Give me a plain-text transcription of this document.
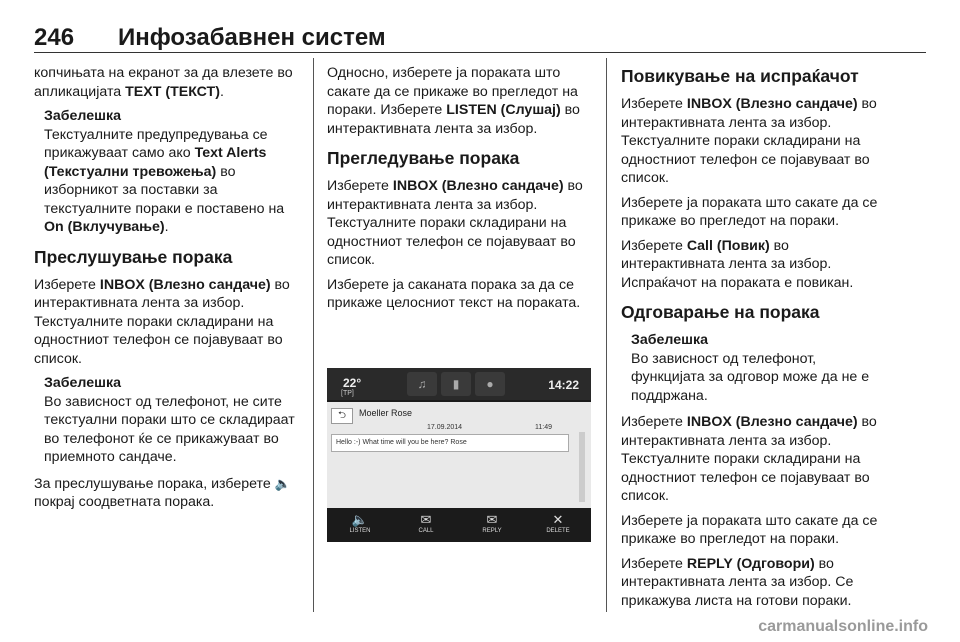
246	Инфозабавнен систем

копчињата на екранот за да влезете во апликацијата TEXT (ТЕКСТ).

Забелешка
Текстуалните предупредувања се прикажуваат само ако Text Alerts (Текстуални тревожења) во изборникот за поставки за текстуалните пораки е поставено на On (Вклучување).
Преслушување порака

Изберете INBOX (Влезно сандаче) во интерактивната лента за избор. Текстуалните пораки складирани на одностниот телефон се појавуваат во список.

Забелешка
Во зависност од телефонот, не сите текстуални пораки што се складираат во телефонот ќе се прикажуваат во приемното сандаче.

За преслушување порака, изберете 🔈 покрај соодветната порака.

Односно, изберете ја пораката што сакате да се прикаже во прегледот на пораки. Изберете LISTEN (Слушај) во интерактивната лента за избор.

Прегледување порака

Изберете INBOX (Влезно сандаче) во интерактивната лента за избор. Текстуалните пораки складирани на одностниот телефон се појавуваат во список.

Изберете ја саканата порака за да се прикаже целосниот текст на пораката.

22°
[TP]
♫	▮	●	14:22
⮌	Moeller Rose
17.09.2014	11:49
Hello :-) What time will you be here? Rose
🔈
LISTEN
✉
CALL
✉
REPLY
✕
DELETE
Повикување на испраќачот

Изберете INBOX (Влезно сандаче) во интерактивната лента за избор. Текстуалните пораки складирани на одностниот телефон се појавуваат во список.

Изберете ја пораката што сакате да се прикаже во прегледот на пораки.

Изберете Call (Повик) во интерактивната лента за избор. Испраќачот на пораката е повикан.

Одговарање на порака
Забелешка
Во зависност од телефонот, функцијата за одговор може да не е поддржана.

Изберете INBOX (Влезно сандаче) во интерактивната лента за избор. Текстуалните пораки складирани на одностниот телефон се појавуваат во список.

Изберете ја пораката што сакате да се прикаже во прегледот на пораки.

Изберете REPLY (Одговори) во интерактивната лента за избор. Се прикажува листа на готови пораки.

carmanualsonline.info
